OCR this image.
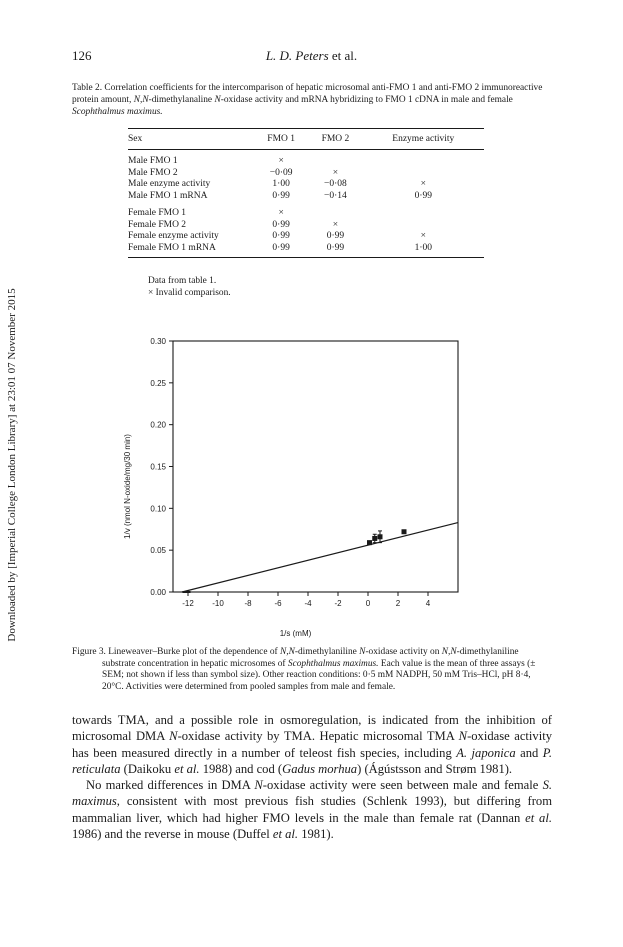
Downloaded by [Imperial College London Library] at 23:01 07 November 2015
126	L. D. Peters et al.
Table 2. Correlation coefficients for the intercomparison of hepatic microsomal anti-FMO 1 and anti-FMO 2 immunoreactive protein amount, N,N-dimethylanaline N-oxidase activity and mRNA hybridizing to FMO 1 cDNA in male and female Scophthalmus maximus.
Sex	FMO 1	FMO 2	Enzyme activity
Male FMO 1	×		
Male FMO 2	−0·09	×	
Male enzyme activity	1·00	−0·08	×
Male FMO 1 mRNA	0·99	−0·14	0·99

Female FMO 1	×		
Female FMO 2	0·99	×	
Female enzyme activity	0·99	0·99	×
Female FMO 1 mRNA	0·99	0·99	1·00
Data from table 1.
× Invalid comparison.
0.00
0.05
0.10
0.15
0.20
0.25
0.30
-12 -10	-8	-6	-4	-2	0	2	4
1/s (mM)
1/v (nmol N-oxide/mg/30 min)
Figure 3. Lineweaver–Burke plot of the dependence of N,N-dimethylaniline N-oxidase activity on N,N-dimethylaniline substrate concentration in hepatic microsomes of Scophthalmus maximus. Each value is the mean of three assays (± SEM; not shown if less than symbol size). Other reaction conditions: 0·5 mM NADPH, 50 mM Tris–HCl, pH 8·4, 20°C. Activities were determined from pooled samples from male and female.

towards TMA, and a possible role in osmoregulation, is indicated from the inhibition of microsomal DMA N-oxidase activity by TMA. Hepatic microsomal TMA N-oxidase activity has been measured directly in a number of teleost fish species, including A. japonica and P. reticulata (Daikoku et al. 1988) and cod (Gadus morhua) (Ágústsson and Strøm 1981).

No marked differences in DMA N-oxidase activity were seen between male and female S. maximus, consistent with most previous fish studies (Schlenk 1993), but differing from mammalian liver, which had higher FMO levels in the male than female rat (Dannan et al. 1986) and the reverse in mouse (Duffel et al. 1981).
